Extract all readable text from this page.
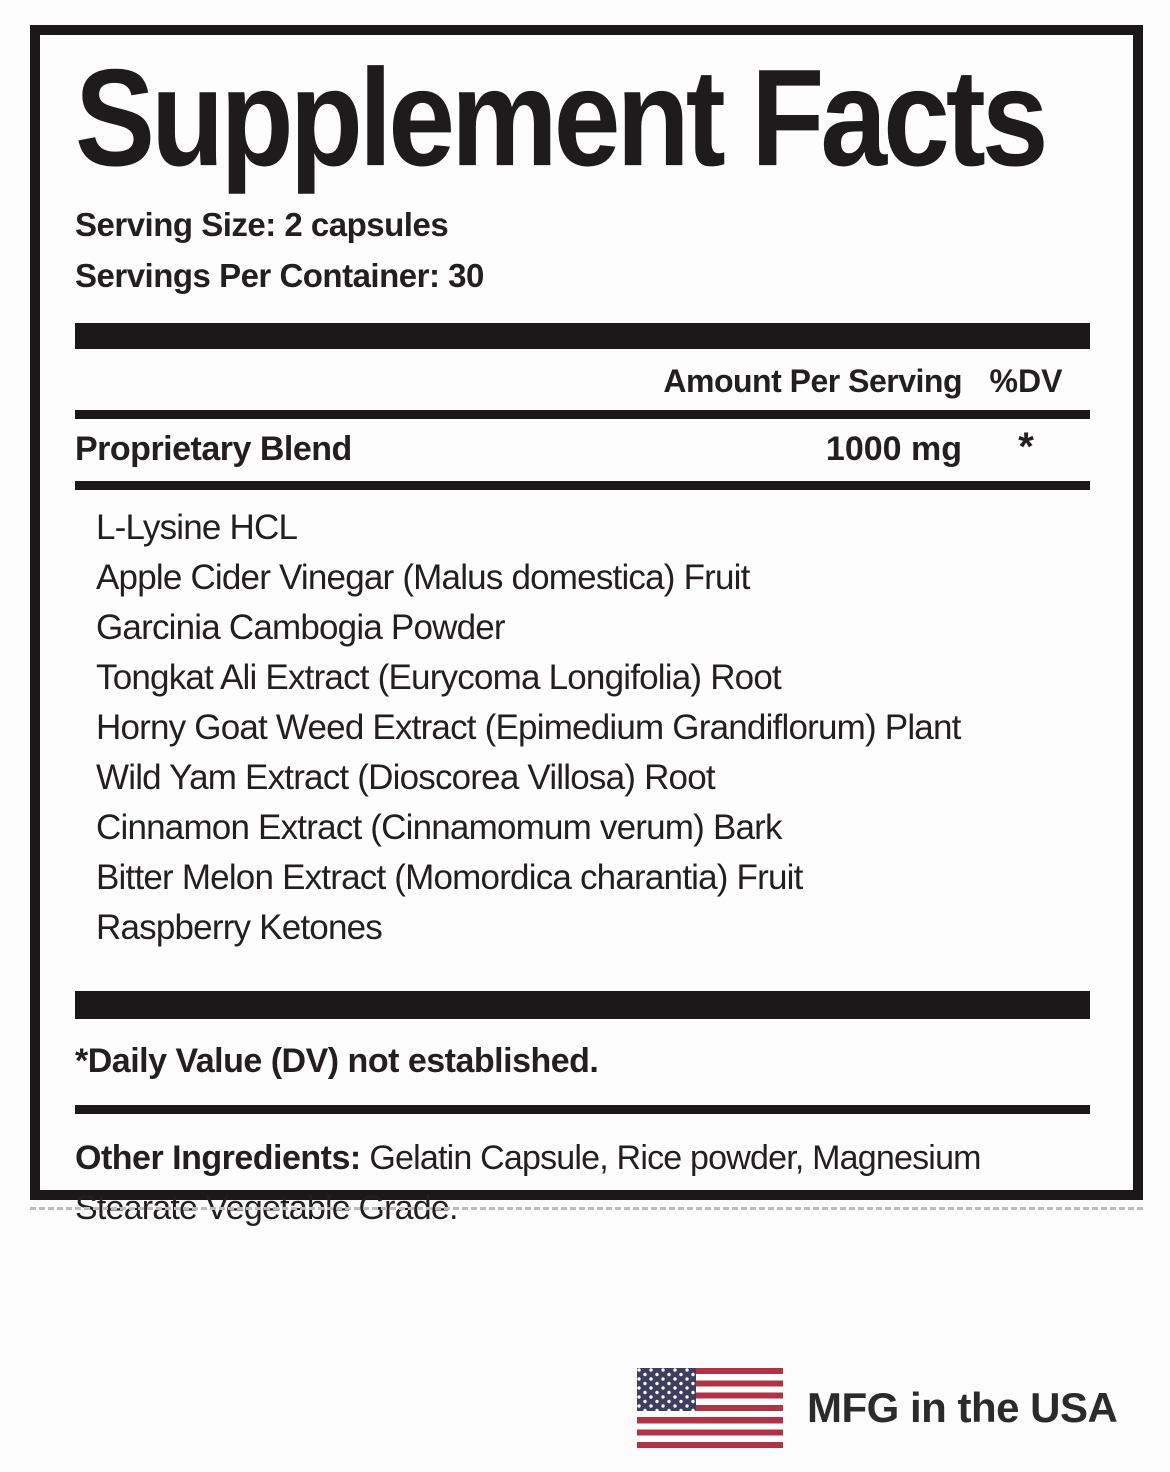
Supplement Facts
Serving Size: 2 capsules
Servings Per Container: 30
Amount Per Serving %DV
Proprietary Blend	1000 mg	*
L-Lysine HCL
Apple Cider Vinegar (Malus domestica) Fruit
Garcinia Cambogia Powder
Tongkat Ali Extract (Eurycoma Longifolia) Root
Horny Goat Weed Extract (Epimedium Grandiflorum) Plant
Wild Yam Extract (Dioscorea Villosa) Root
Cinnamon Extract (Cinnamomum verum) Bark
Bitter Melon Extract (Momordica charantia) Fruit
Raspberry Ketones
*Daily Value (DV) not established.

Other Ingredients: Gelatin Capsule, Rice powder, Magnesium Stearate Vegetable Grade.

MFG in the USA
